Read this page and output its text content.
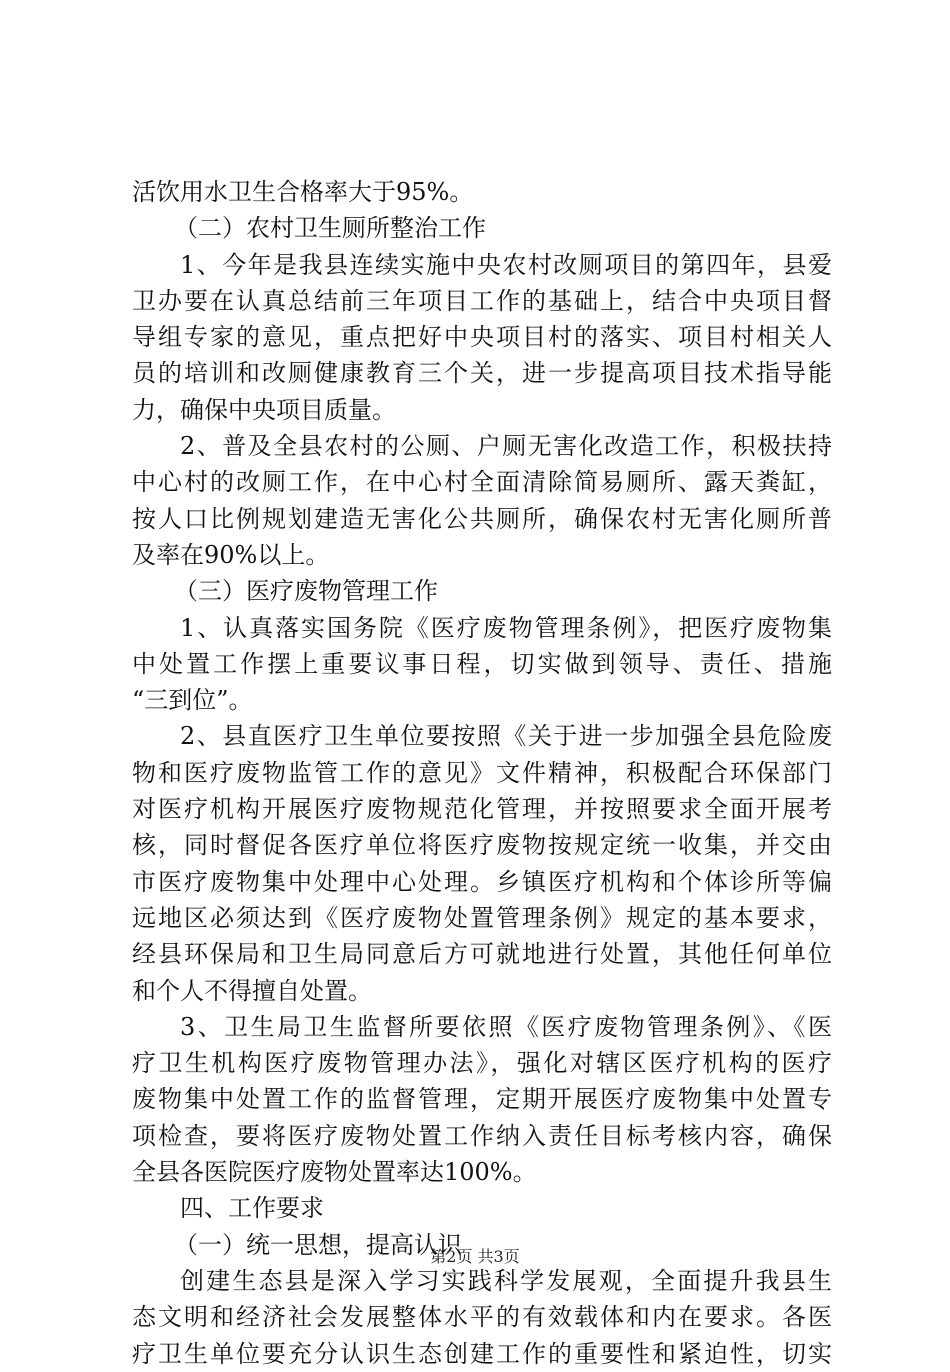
活饮用水卫生合格率大于95%。
（二）农村卫生厕所整治工作
1、今年是我县连续实施中央农村改厕项目的第四年，县爱
卫办要在认真总结前三年项目工作的基础上，结合中央项目督
导组专家的意见，重点把好中央项目村的落实、项目村相关人
员的培训和改厕健康教育三个关，进一步提高项目技术指导能
力，确保中央项目质量。
2、普及全县农村的公厕、户厕无害化改造工作，积极扶持
中心村的改厕工作，在中心村全面清除简易厕所、露天粪缸，
按人口比例规划建造无害化公共厕所，确保农村无害化厕所普
及率在90%以上。
（三）医疗废物管理工作
1、认真落实国务院《医疗废物管理条例》，把医疗废物集
中处置工作摆上重要议事日程，切实做到领导、责任、措施
“三到位”。
2、县直医疗卫生单位要按照《关于进一步加强全县危险废
物和医疗废物监管工作的意见》文件精神，积极配合环保部门
对医疗机构开展医疗废物规范化管理，并按照要求全面开展考
核，同时督促各医疗单位将医疗废物按规定统一收集，并交由
市医疗废物集中处理中心处理。乡镇医疗机构和个体诊所等偏
远地区必须达到《医疗废物处置管理条例》规定的基本要求，
经县环保局和卫生局同意后方可就地进行处置，其他任何单位
和个人不得擅自处置。
3、卫生局卫生监督所要依照《医疗废物管理条例》、《医
疗卫生机构医疗废物管理办法》，强化对辖区医疗机构的医疗
废物集中处置工作的监督管理，定期开展医疗废物集中处置专
项检查，要将医疗废物处置工作纳入责任目标考核内容，确保
全县各医院医疗废物处置率达100%。
四、工作要求
（一）统一思想，提高认识
创建生态县是深入学习实践科学发展观，全面提升我县生
态文明和经济社会发展整体水平的有效载体和内在要求。各医
疗卫生单位要充分认识生态创建工作的重要性和紧迫性，切实
第2页 共3页
